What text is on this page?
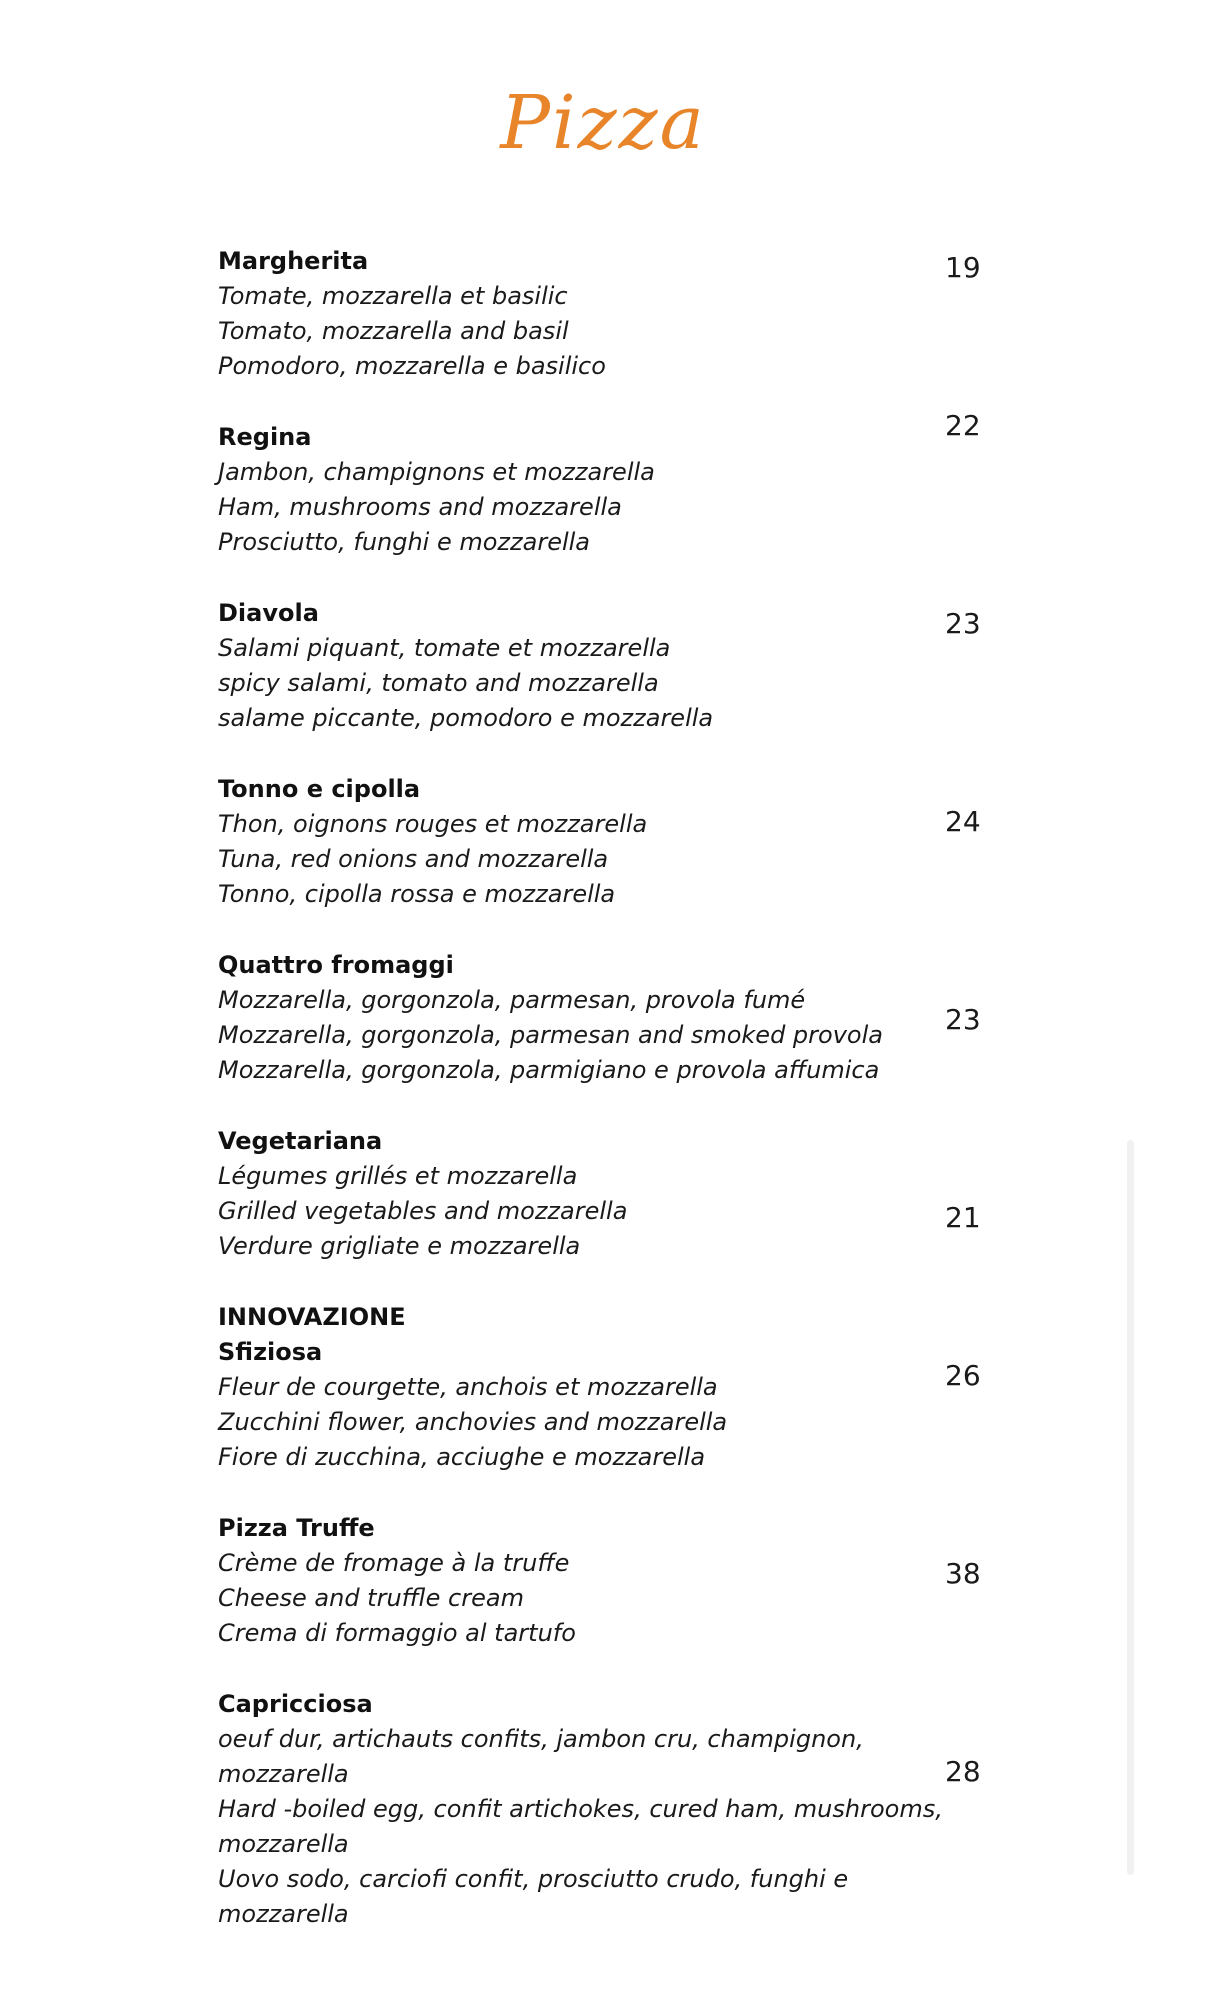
Pizza
Margherita
Tomate, mozzarella et basilic
Tomato, mozzarella and basil
Pomodoro, mozzarella e basilico
19
Regina
Jambon, champignons et mozzarella
Ham, mushrooms and mozzarella
Prosciutto, funghi e mozzarella
22
Diavola
Salami piquant, tomate et mozzarella
spicy salami, tomato and mozzarella
salame piccante, pomodoro e mozzarella
23
Tonno e cipolla
Thon, oignons rouges et mozzarella
Tuna, red onions and mozzarella
Tonno, cipolla rossa e mozzarella
24
Quattro fromaggi
Mozzarella, gorgonzola, parmesan, provola fumé
Mozzarella, gorgonzola, parmesan and smoked provola
Mozzarella, gorgonzola, parmigiano e provola affumica
23
Vegetariana
Légumes grillés et mozzarella
Grilled vegetables and mozzarella
Verdure grigliate e mozzarella
21
INNOVAZIONE
Sfiziosa
Fleur de courgette, anchois et mozzarella
Zucchini flower, anchovies and mozzarella
Fiore di zucchina, acciughe e mozzarella
26
Pizza Truffe
Crème de fromage à la truffe
Cheese and truffle cream
Crema di formaggio al tartufo
38
Capricciosa
oeuf dur, artichauts confits, jambon cru, champignon,
mozzarella
Hard -boiled egg, confit artichokes, cured ham, mushrooms,
mozzarella
Uovo sodo, carciofi confit, prosciutto crudo, funghi e
mozzarella
28
